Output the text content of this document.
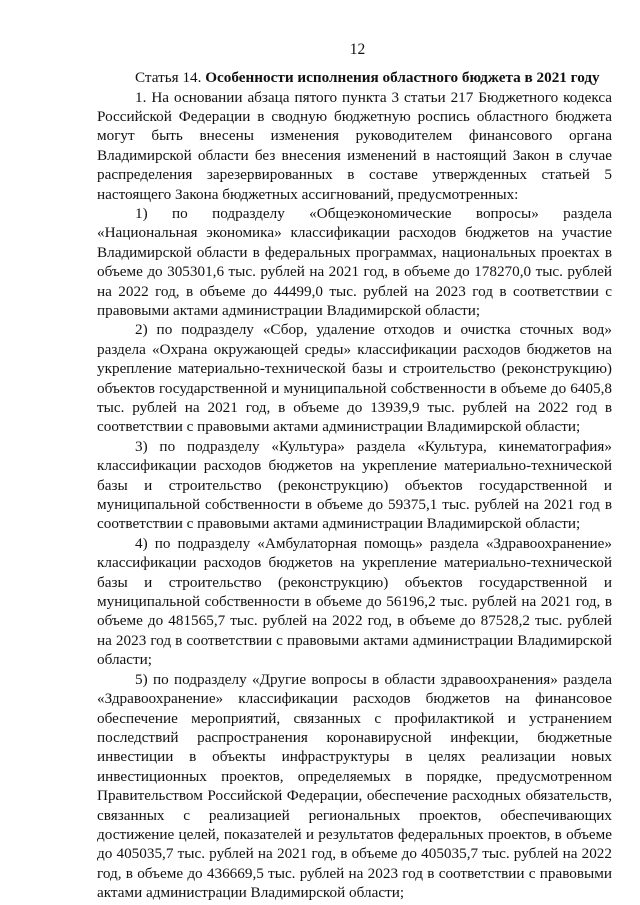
12

Статья 14. Особенности исполнения областного бюджета в 2021 году

1. На основании абзаца пятого пункта 3 статьи 217 Бюджетного кодекса Российской Федерации в сводную бюджетную роспись областного бюджета могут быть внесены изменения руководителем финансового органа Владимирской области без внесения изменений в настоящий Закон в случае распределения зарезервированных в составе утвержденных статьей 5 настоящего Закона бюджетных ассигнований, предусмотренных:

1) по подразделу «Общеэкономические вопросы» раздела «Национальная экономика» классификации расходов бюджетов на участие Владимирской области в федеральных программах, национальных проектах в объеме до 305301,6 тыс. рублей на 2021 год, в объеме до 178270,0 тыс. рублей на 2022 год, в объеме до 44499,0 тыс. рублей на 2023 год в соответствии с правовыми актами администрации Владимирской области;

2) по подразделу «Сбор, удаление отходов и очистка сточных вод» раздела «Охрана окружающей среды» классификации расходов бюджетов на укрепление материально-технической базы и строительство (реконструкцию) объектов государственной и муниципальной собственности в объеме до 6405,8 тыс. рублей на 2021 год, в объеме до 13939,9 тыс. рублей на 2022 год в соответствии с правовыми актами администрации Владимирской области;

3) по подразделу «Культура» раздела «Культура, кинематография» классификации расходов бюджетов на укрепление материально-технической базы и строительство (реконструкцию) объектов государственной и муниципальной собственности в объеме до 59375,1 тыс. рублей на 2021 год в соответствии с правовыми актами администрации Владимирской области;

4) по подразделу «Амбулаторная помощь» раздела «Здравоохранение» классификации расходов бюджетов на укрепление материально-технической базы и строительство (реконструкцию) объектов государственной и муниципальной собственности в объеме до 56196,2 тыс. рублей на 2021 год, в объеме до 481565,7 тыс. рублей на 2022 год, в объеме до 87528,2 тыс. рублей на 2023 год в соответствии с правовыми актами администрации Владимирской области;

5) по подразделу «Другие вопросы в области здравоохранения» раздела «Здравоохранение» классификации расходов бюджетов на финансовое обеспечение мероприятий, связанных с профилактикой и устранением последствий распространения коронавирусной инфекции, бюджетные инвестиции в объекты инфраструктуры в целях реализации новых инвестиционных проектов, определяемых в порядке, предусмотренном Правительством Российской Федерации, обеспечение расходных обязательств, связанных с реализацией региональных проектов, обеспечивающих достижение целей, показателей и результатов федеральных проектов, в объеме до 405035,7 тыс. рублей на 2021 год, в объеме до 405035,7 тыс. рублей на 2022 год, в объеме до 436669,5 тыс. рублей на 2023 год в соответствии с правовыми актами администрации Владимирской области;
